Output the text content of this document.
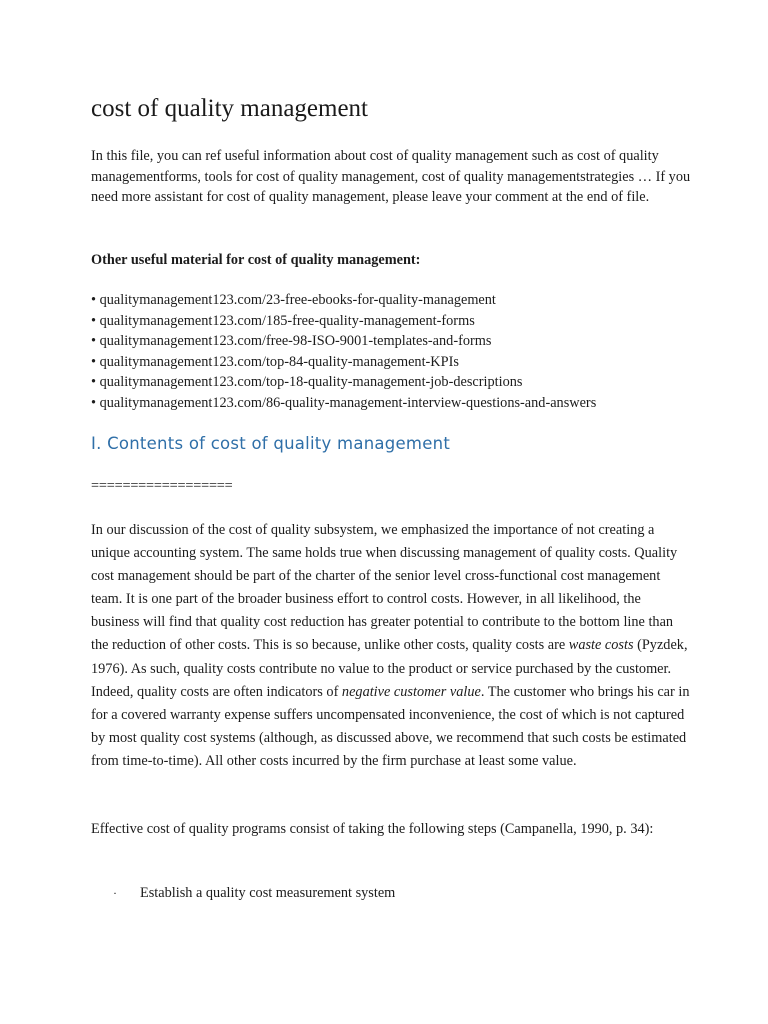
cost of quality management

In this file, you can ref useful information about cost of quality management such as cost of quality managementforms, tools for cost of quality management, cost of quality managementstrategies … If you need more assistant for cost of quality management, please leave your comment at the end of file.

Other useful material for cost of quality management:

• qualitymanagement123.com/23-free-ebooks-for-quality-management
• qualitymanagement123.com/185-free-quality-management-forms
• qualitymanagement123.com/free-98-ISO-9001-templates-and-forms
• qualitymanagement123.com/top-84-quality-management-KPIs
• qualitymanagement123.com/top-18-quality-management-job-descriptions
• qualitymanagement123.com/86-quality-management-interview-questions-and-answers
I. Contents of cost of quality management

==================

In our discussion of the cost of quality subsystem, we emphasized the importance of not creating a unique accounting system. The same holds true when discussing management of quality costs. Quality cost management should be part of the charter of the senior level cross-functional cost management team. It is one part of the broader business effort to control costs. However, in all likelihood, the business will find that quality cost reduction has greater potential to contribute to the bottom line than the reduction of other costs. This is so because, unlike other costs, quality costs are waste costs (Pyzdek, 1976). As such, quality costs contribute no value to the product or service purchased by the customer. Indeed, quality costs are often indicators of negative customer value. The customer who brings his car in for a covered warranty expense suffers uncompensated inconvenience, the cost of which is not captured by most quality cost systems (although, as discussed above, we recommend that such costs be estimated from time-to-time). All other costs incurred by the firm purchase at least some value.

Effective cost of quality programs consist of taking the following steps (Campanella, 1990, p. 34):

· Establish a quality cost measurement system
